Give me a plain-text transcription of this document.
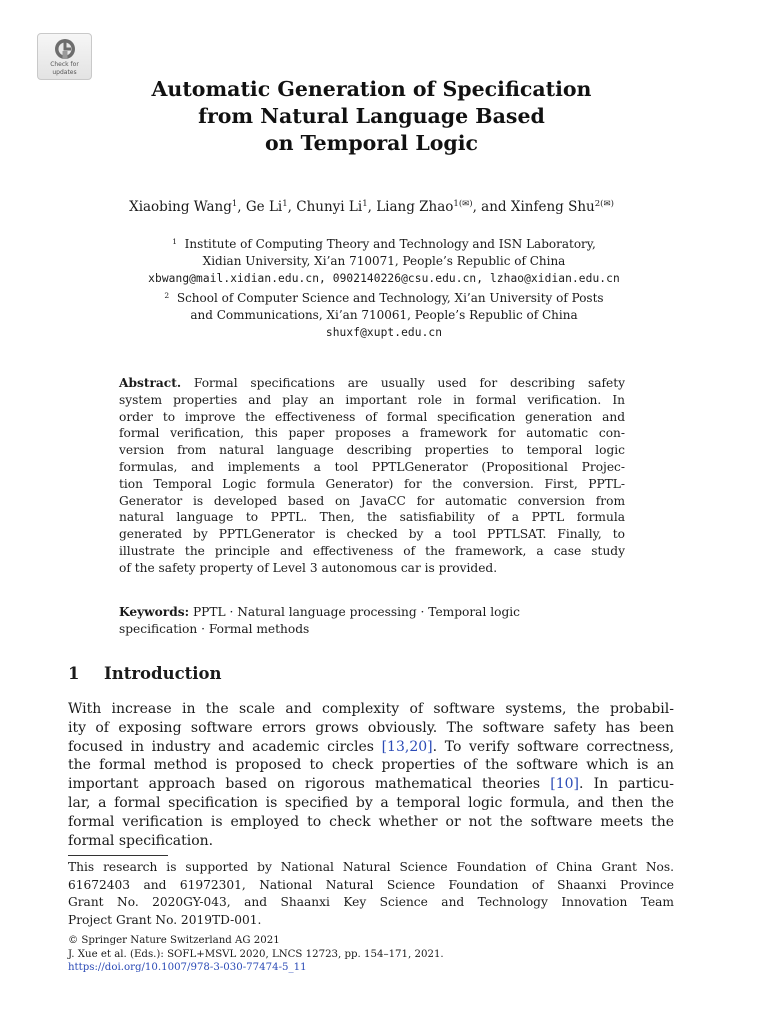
Check for
updates
Automatic Generation of Specification
from Natural Language Based
on Temporal Logic
Xiaobing Wang$^1$, Ge Li$^1$, Chunyi Li$^1$, Liang Zhao$^{1(✉)}$, and Xinfeng Shu$^{2(✉)}$
$^1$ Institute of Computing Theory and Technology and ISN Laboratory,
Xidian University, Xi’an 710071, People’s Republic of China
xbwang@mail.xidian.edu.cn, 0902140226@csu.edu.cn, lzhao@xidian.edu.cn
$^2$ School of Computer Science and Technology, Xi’an University of Posts
and Communications, Xi’an 710061, People’s Republic of China
shuxf@xupt.edu.cn
Abstract. Formal specifications are usually used for describing safety
system properties and play an important role in formal verification. In
order to improve the effectiveness of formal specification generation and
formal verification, this paper proposes a framework for automatic con-
version from natural language describing properties to temporal logic
formulas, and implements a tool PPTLGenerator (Propositional Projec-
tion Temporal Logic formula Generator) for the conversion. First, PPTL-
Generator is developed based on JavaCC for automatic conversion from
natural language to PPTL. Then, the satisfiability of a PPTL formula
generated by PPTLGenerator is checked by a tool PPTLSAT. Finally, to
illustrate the principle and effectiveness of the framework, a case study
of the safety property of Level 3 autonomous car is provided.
Keywords: PPTL · Natural language processing · Temporal logic
specification · Formal methods
1 Introduction
With increase in the scale and complexity of software systems, the probabil-
ity of exposing software errors grows obviously. The software safety has been
focused in industry and academic circles [13,20]. To verify software correctness,
the formal method is proposed to check properties of the software which is an
important approach based on rigorous mathematical theories [10]. In particu-
lar, a formal specification is specified by a temporal logic formula, and then the
formal verification is employed to check whether or not the software meets the
formal specification.
This research is supported by National Natural Science Foundation of China Grant Nos.
61672403 and 61972301, National Natural Science Foundation of Shaanxi Province
Grant No. 2020GY-043, and Shaanxi Key Science and Technology Innovation Team
Project Grant No. 2019TD-001.
© Springer Nature Switzerland AG 2021
J. Xue et al. (Eds.): SOFL+MSVL 2020, LNCS 12723, pp. 154–171, 2021.
https://doi.org/10.1007/978-3-030-77474-5_11
